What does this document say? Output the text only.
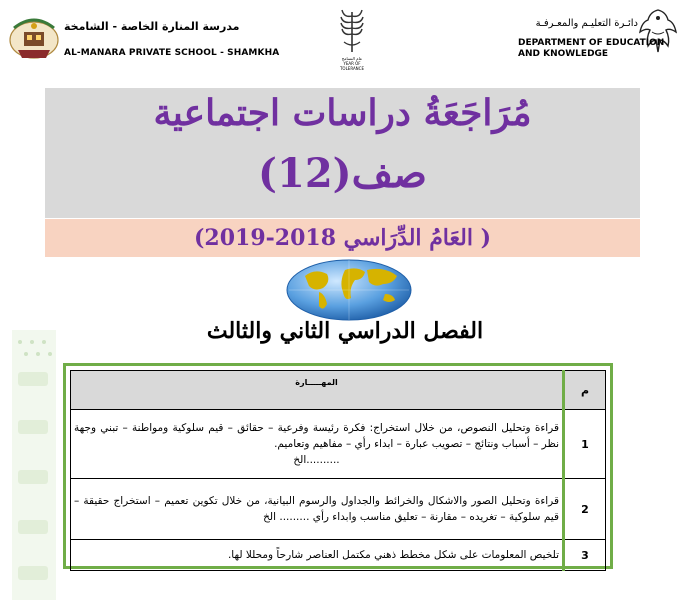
مدرسة المنارة الخاصة - الشامخة
AL-MANARA PRIVATE SCHOOL - SHAMKHA
عام التسامح
YEAR OF TOLERANCE
دائـرة التعليـم والمعـرفـة
DEPARTMENT OF EDUCATION
AND KNOWLEDGE
مُرَاجَعَةُ دراسات اجتماعية
صف(12)
( العَامُ الدِّرَاسي 2018-2019)
الفصل الدراسي الثاني والثالث
م	المهـــــارة

1	قراءة وتحليل النصوص، من خلال استخراج: فكرة رئيسة وفرعية – حقائق – قيم سلوكية ومواطنة – تبني وجهة نظر – أسباب ونتائج – تصويب عبارة – ابداء رأي – مفاهيم وتعاميم.
..........الخ

2	قراءة وتحليل الصور والاشكال والخرائط والجداول والرسوم البيانية، من خلال تكوين تعميم – استخراج حقيقة – قيم سلوكية – تغريده – مقارنة – تعليق مناسب وابداء رأي ......... الخ
3	تلخيص المعلومات على شكل مخطط ذهني مكتمل العناصر شارحاً ومحللا لها.
